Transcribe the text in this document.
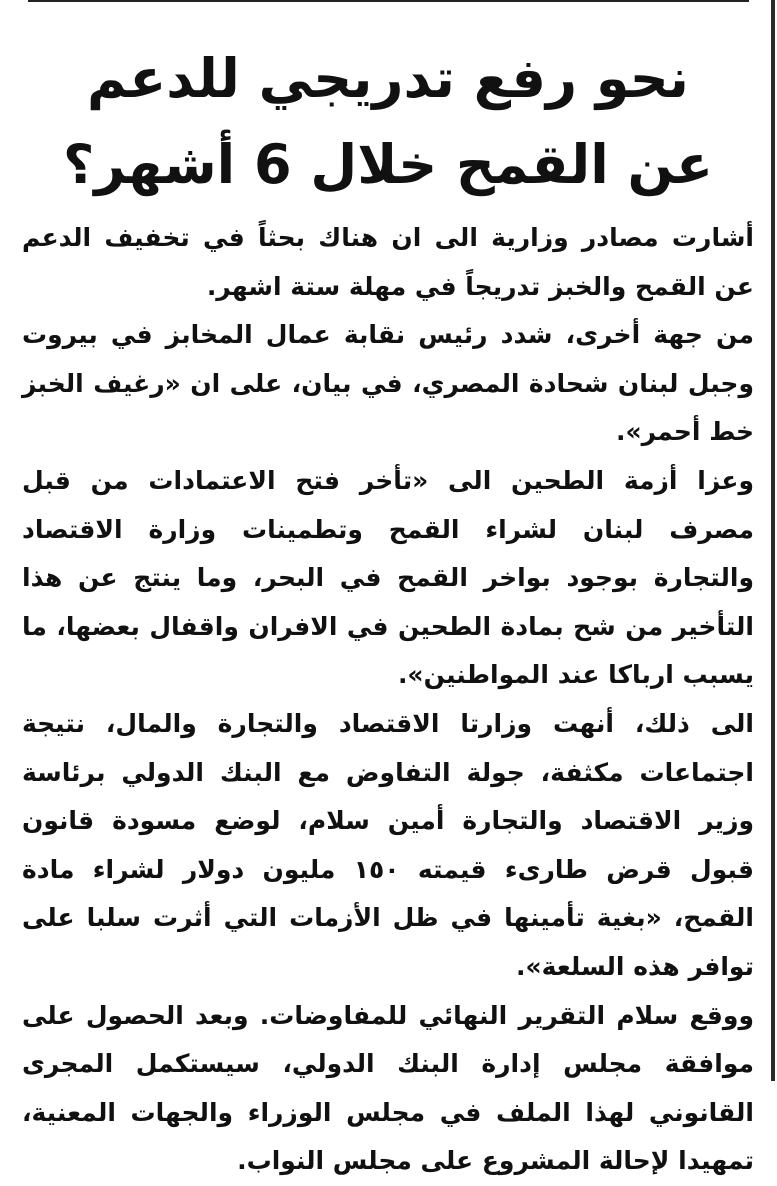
نحو رفع تدريجي للدعم
عن القمح خلال 6 أشهر؟

أشارت مصادر وزارية الى ان هناك بحثاً في تخفيف الدعم عن القمح والخبز تدريجاً في مهلة ستة اشهر.

من جهة أخرى، شدد رئيس نقابة عمال المخابز في بيروت وجبل لبنان شحادة المصري، في بيان، على ان «رغيف الخبز خط أحمر».

وعزا أزمة الطحين الى «تأخر فتح الاعتمادات من قبل مصرف لبنان لشراء القمح وتطمينات وزارة الاقتصاد والتجارة بوجود بواخر القمح في البحر، وما ينتج عن هذا التأخير من شح بمادة الطحين في الافران واقفال بعضها، ما يسبب ارباكا عند المواطنين».

الى ذلك، أنهت وزارتا الاقتصاد والتجارة والمال، نتيجة اجتماعات مكثفة، جولة التفاوض مع البنك الدولي برئاسة وزير الاقتصاد والتجارة أمين سلام، لوضع مسودة قانون قبول قرض طارىء قيمته ١٥٠ مليون دولار لشراء مادة القمح، «بغية تأمينها في ظل الأزمات التي أثرت سلبا على توافر هذه السلعة».

ووقع سلام التقرير النهائي للمفاوضات. وبعد الحصول على موافقة مجلس إدارة البنك الدولي، سيستكمل المجرى القانوني لهذا الملف في مجلس الوزراء والجهات المعنية، تمهيدا لإحالة المشروع على مجلس النواب.
